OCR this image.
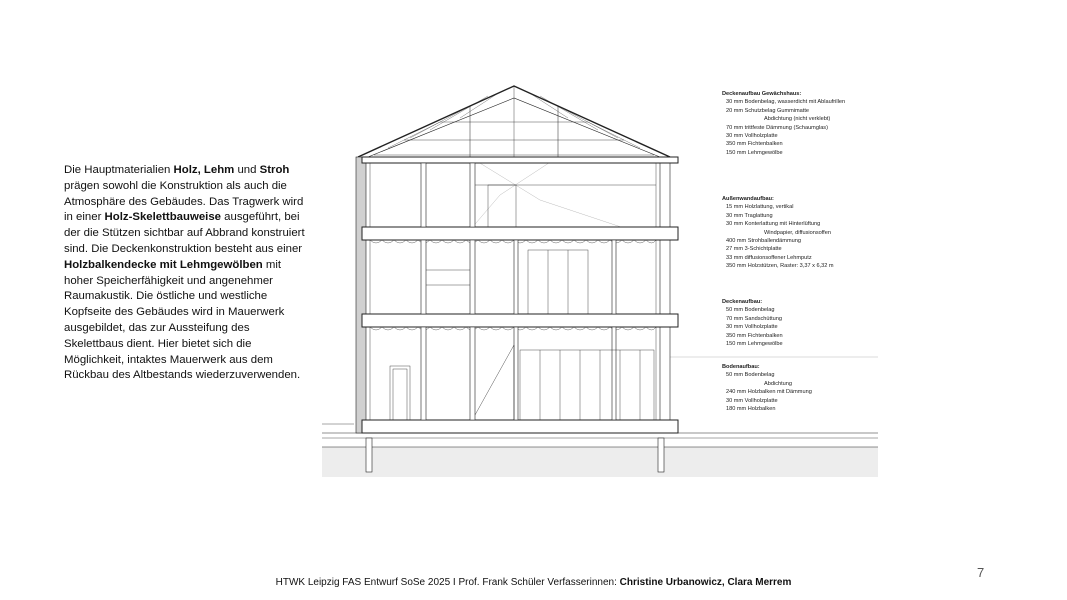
Die Hauptmaterialien Holz, Lehm und Stroh prägen sowohl die Konstruktion als auch die Atmosphäre des Gebäudes. Das Tragwerk wird in einer Holz-Skelettbauweise ausgeführt, bei der die Stützen sichtbar auf Abbrand konstruiert sind. Die Deckenkonstruktion besteht aus einer Holzbalkendecke mit Lehmgewölben mit hoher Speicherfähigkeit und angenehmer Raumakustik. Die östliche und westliche Kopfseite des Gebäudes wird in Mauerwerk ausgebildet, das zur Aussteifung des Skelettbaus dient. Hier bietet sich die Möglichkeit, intaktes Mauerwerk aus dem Rückbau des Altbestands wiederzuverwenden.

Deckenaufbau Gewächshaus:
30 mm Bodenbelag, wasserdicht mit Ablaufrillen
20 mm Schutzbelag Gummimatte
Abdichtung (nicht verklebt)
70 mm trittfeste Dämmung (Schaumglas)
30 mm Vollholzplatte
350 mm Fichtenbalken
150 mm Lehmgewölbe
Außenwandaufbau:
15 mm Holzlattung, vertikal
30 mm Traglattung
30 mm Konterlattung mit Hinterlüftung
Windpapier, diffusionsoffen
400 mm Strohballendämmung
27 mm 3-Schichtplatte
33 mm diffusionsoffener Lehmputz
350 mm Holzstützen, Raster: 3,37 x 6,32 m
Deckenaufbau:
50 mm Bodenbelag
70 mm Sandschüttung
30 mm Vollholzplatte
350 mm Fichtenbalken
150 mm Lehmgewölbe
Bodenaufbau:
50 mm Bodenbelag
Abdichtung
240 mm Holzbalken mit Dämmung
30 mm Vollholzplatte
180 mm Holzbalken
7
HTWK Leipzig FAS Entwurf SoSe 2025 I Prof. Frank Schüler Verfasserinnen: Christine Urbanowicz, Clara Merrem
